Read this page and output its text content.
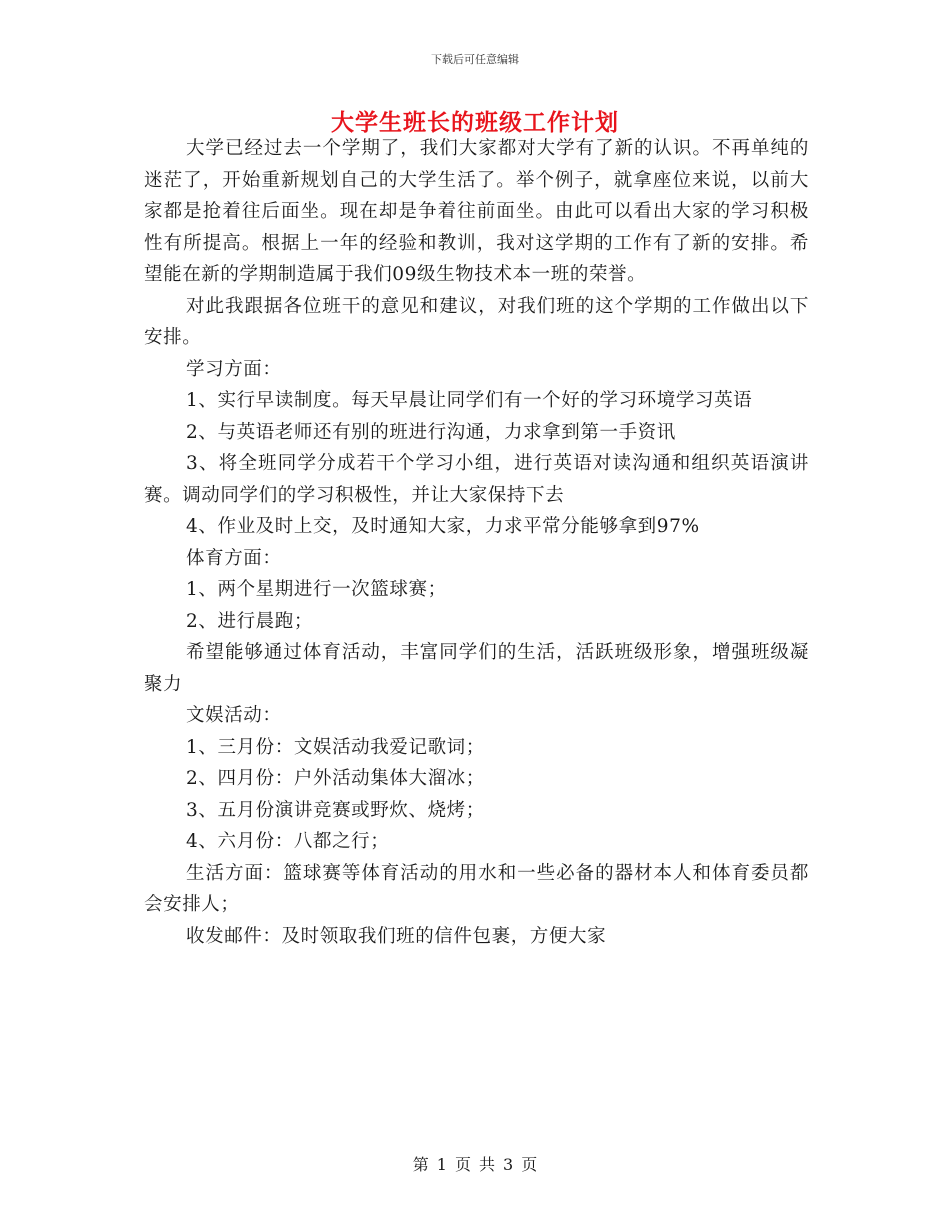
下载后可任意编辑
大学生班长的班级工作计划

大学已经过去一个学期了，我们大家都对大学有了新的认识。不再单纯的迷茫了，开始重新规划自己的大学生活了。举个例子，就拿座位来说，以前大家都是抢着往后面坐。现在却是争着往前面坐。由此可以看出大家的学习积极性有所提高。根据上一年的经验和教训，我对这学期的工作有了新的安排。希望能在新的学期制造属于我们09级生物技术本一班的荣誉。

对此我跟据各位班干的意见和建议，对我们班的这个学期的工作做出以下安排。

学习方面：

1、实行早读制度。每天早晨让同学们有一个好的学习环境学习英语

2、与英语老师还有别的班进行沟通，力求拿到第一手资讯

3、将全班同学分成若干个学习小组，进行英语对读沟通和组织英语演讲赛。调动同学们的学习积极性，并让大家保持下去

4、作业及时上交，及时通知大家，力求平常分能够拿到97%

体育方面：

1、两个星期进行一次篮球赛；

2、进行晨跑；

希望能够通过体育活动，丰富同学们的生活，活跃班级形象，增强班级凝聚力

文娱活动：

1、三月份：文娱活动我爱记歌词；

2、四月份：户外活动集体大溜冰；

3、五月份演讲竞赛或野炊、烧烤；

4、六月份：八都之行；

生活方面：篮球赛等体育活动的用水和一些必备的器材本人和体育委员都会安排人；

收发邮件：及时领取我们班的信件包裹，方便大家

第 1 页 共 3 页
